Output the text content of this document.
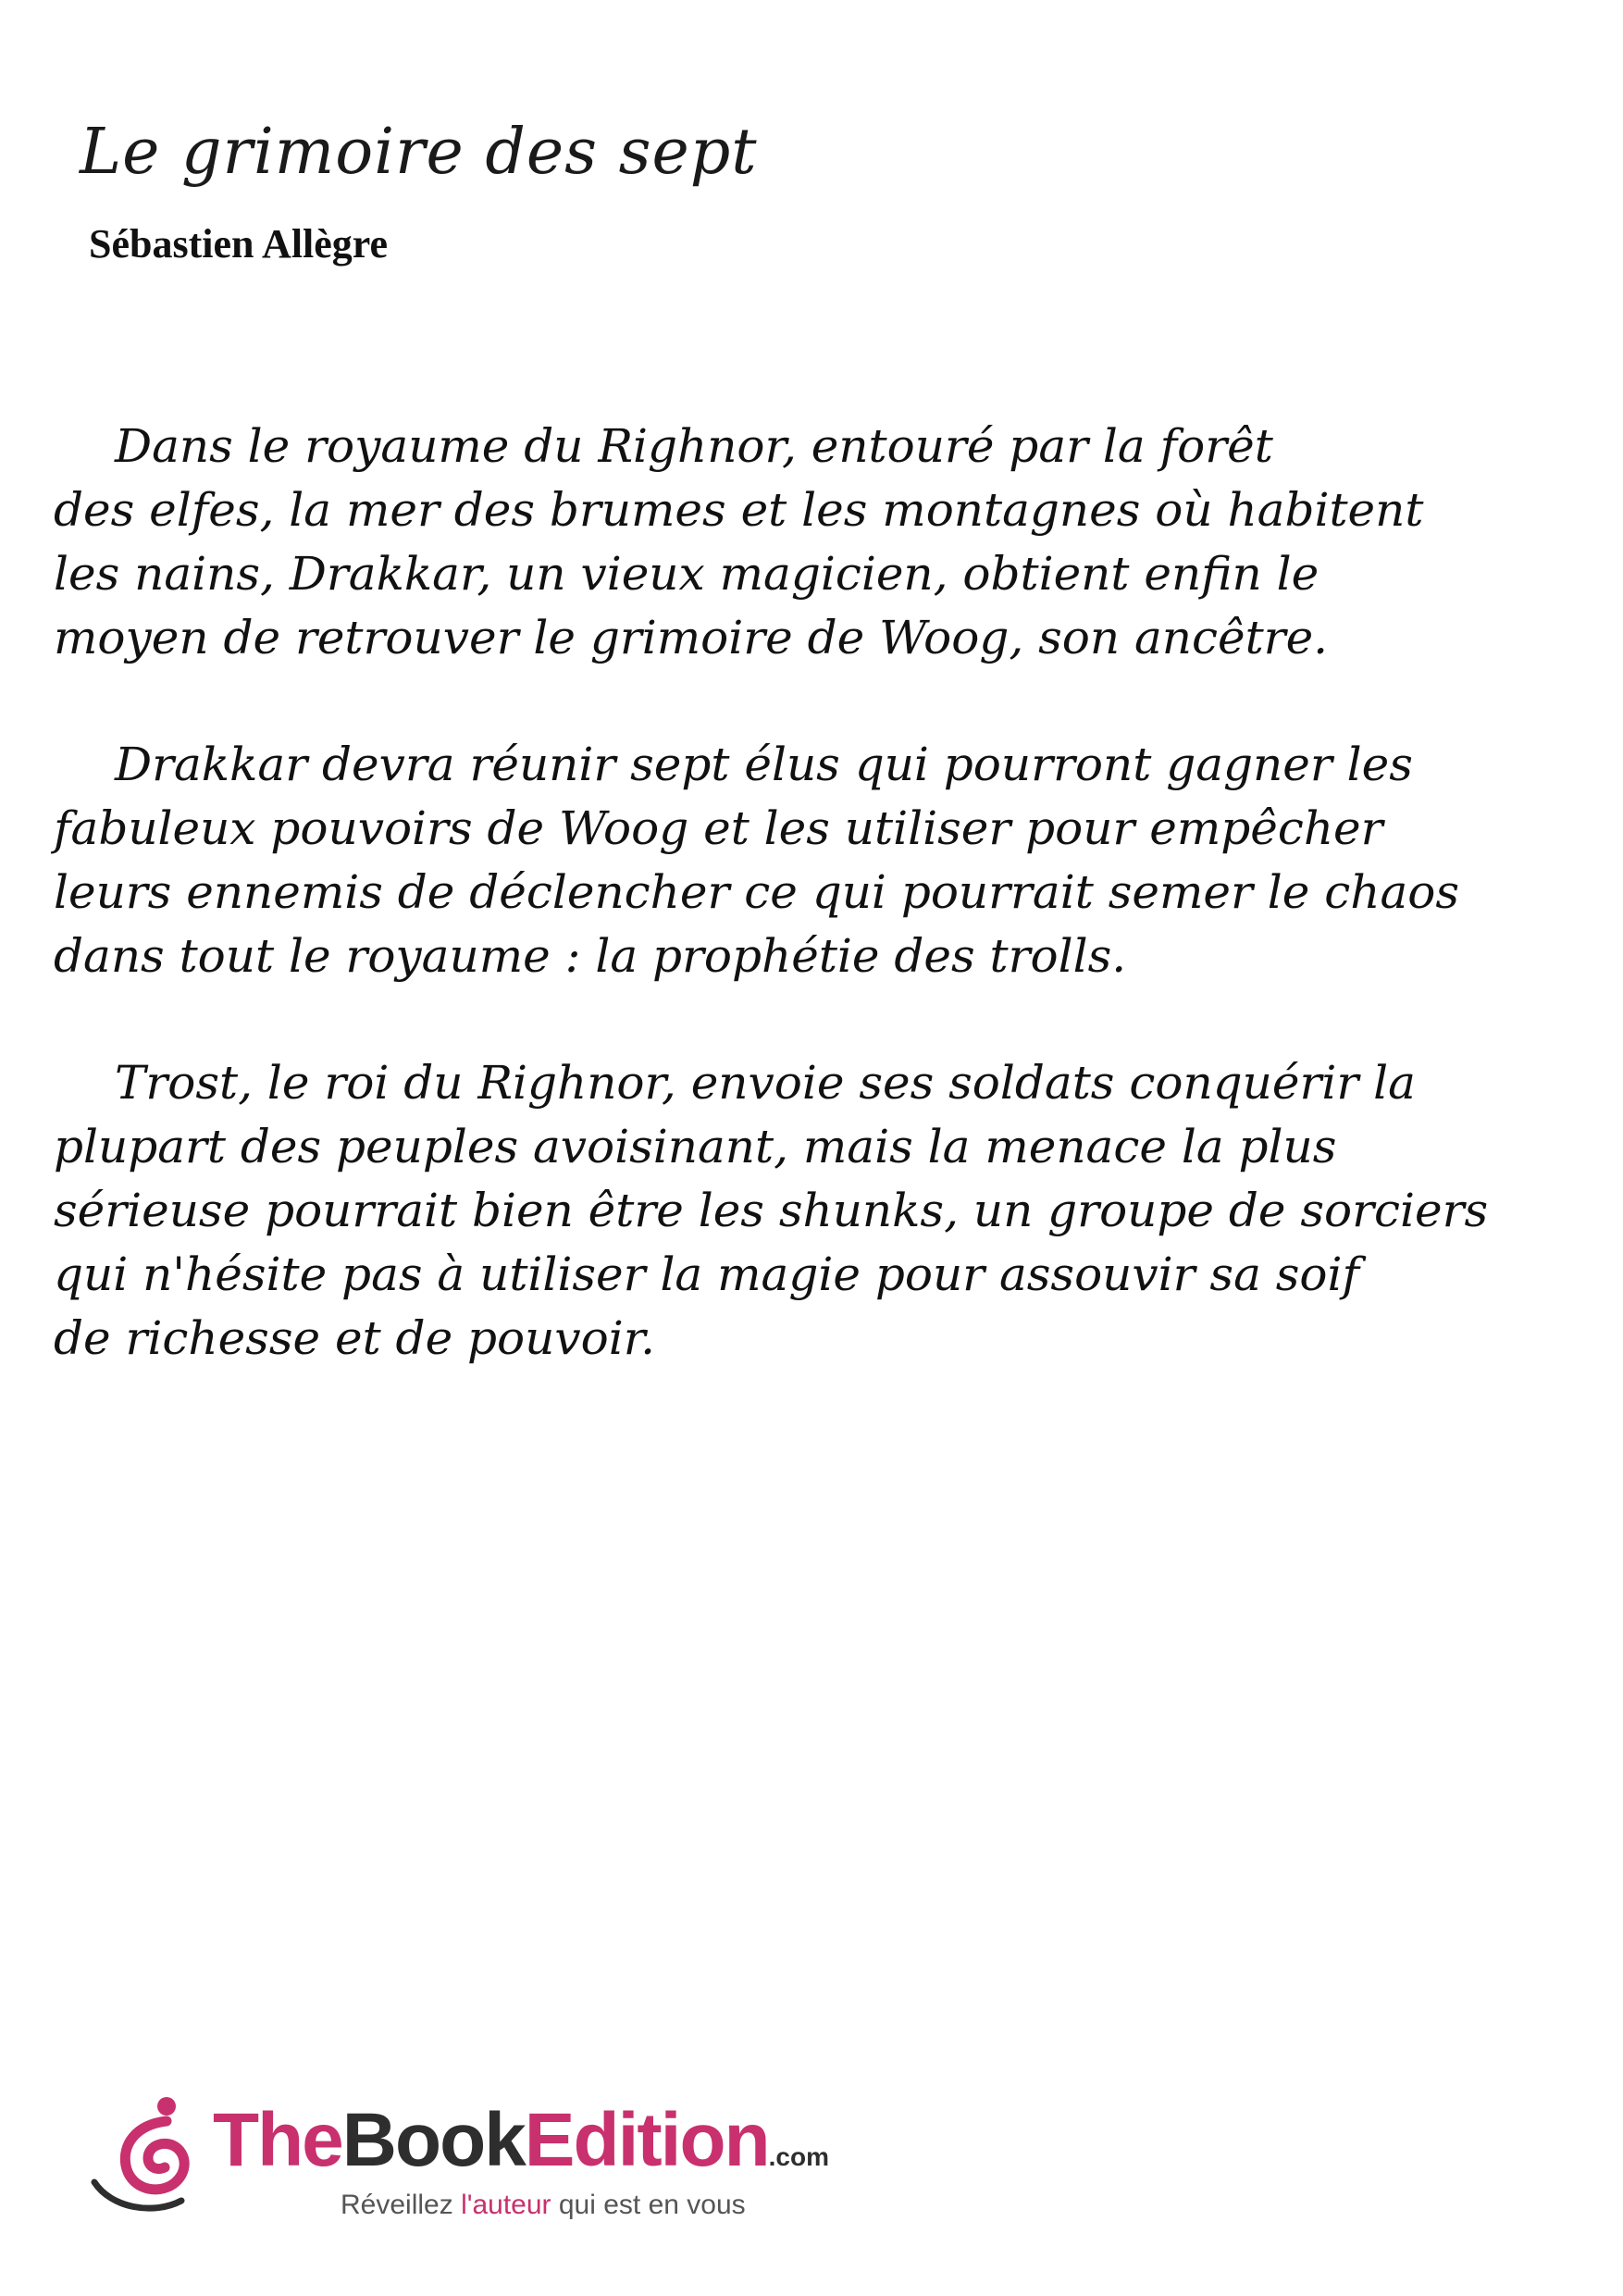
Le grimoire des sept
Sébastien Allègre

Dans le royaume du Righnor, entouré par la forêt
des elfes, la mer des brumes et les montagnes où habitent
les nains, Drakkar, un vieux magicien, obtient enfin le
moyen de retrouver le grimoire de Woog, son ancêtre.

Drakkar devra réunir sept élus qui pourront gagner les
fabuleux pouvoirs de Woog et les utiliser pour empêcher
leurs ennemis de déclencher ce qui pourrait semer le chaos
dans tout le royaume : la prophétie des trolls.

Trost, le roi du Righnor, envoie ses soldats conquérir la
plupart des peuples avoisinant, mais la menace la plus
sérieuse pourrait bien être les shunks, un groupe de sorciers
qui n'hésite pas à utiliser la magie pour assouvir sa soif
de richesse et de pouvoir.

TheBookEdition.com
Réveillez l'auteur qui est en vous
